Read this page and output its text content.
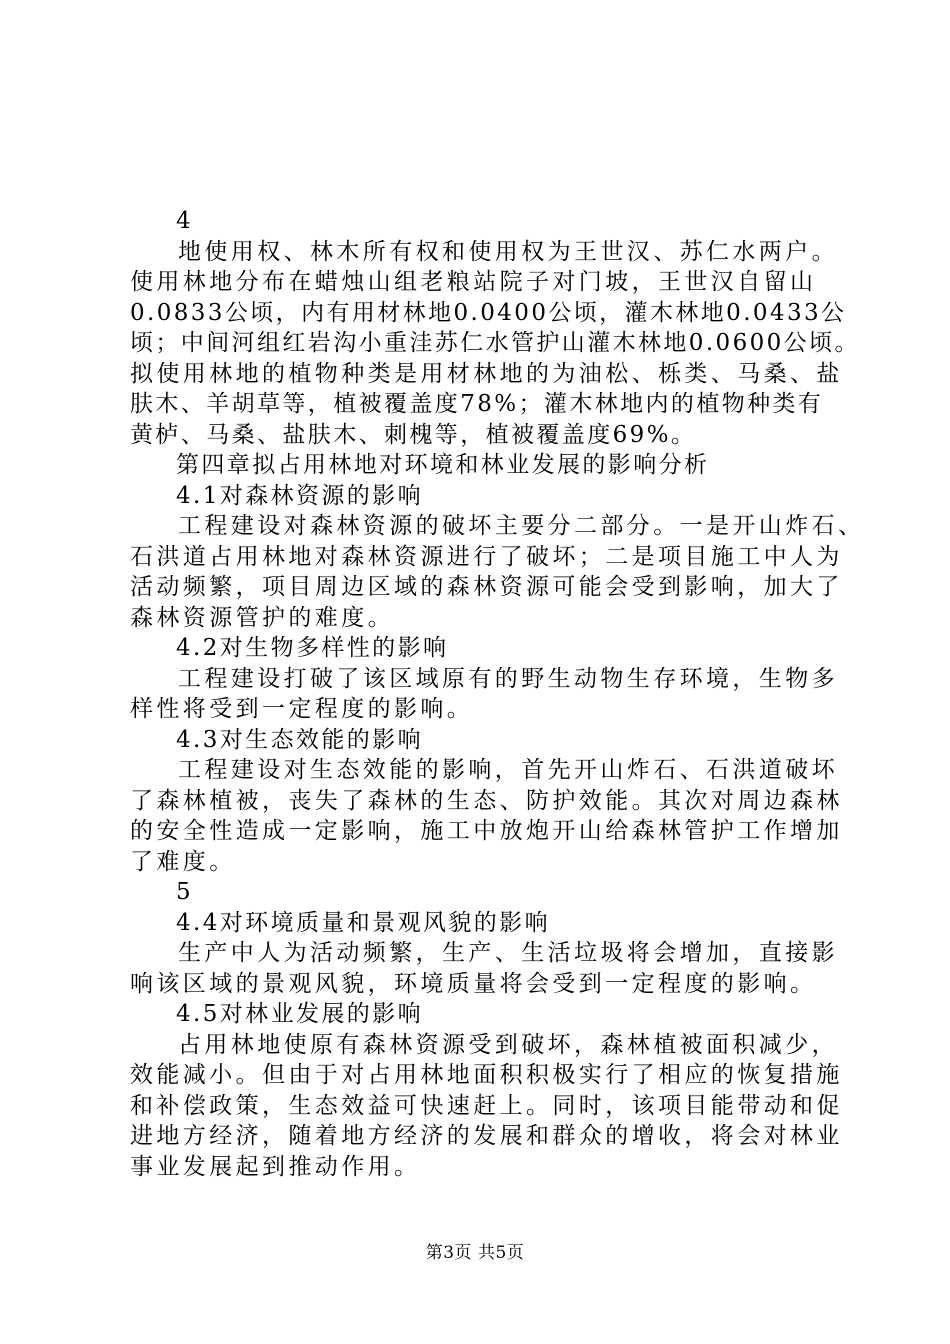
4
地使用权、林木所有权和使用权为王世汉、苏仁水两户。
使用林地分布在蜡烛山组老粮站院子对门坡，王世汉自留山
0.0833公顷，内有用材林地0.0400公顷，灌木林地0.0433公
顷；中间河组红岩沟小重洼苏仁水管护山灌木林地0.0600公顷。
拟使用林地的植物种类是用材林地的为油松、栎类、马桑、盐
肤木、羊胡草等，植被覆盖度78%；灌木林地内的植物种类有
黄栌、马桑、盐肤木、刺槐等，植被覆盖度69%。
第四章拟占用林地对环境和林业发展的影响分析
4.1对森林资源的影响
工程建设对森林资源的破坏主要分二部分。一是开山炸石、
石洪道占用林地对森林资源进行了破坏；二是项目施工中人为
活动频繁，项目周边区域的森林资源可能会受到影响，加大了
森林资源管护的难度。
4.2对生物多样性的影响
工程建设打破了该区域原有的野生动物生存环境，生物多
样性将受到一定程度的影响。
4.3对生态效能的影响
工程建设对生态效能的影响，首先开山炸石、石洪道破坏
了森林植被，丧失了森林的生态、防护效能。其次对周边森林
的安全性造成一定影响，施工中放炮开山给森林管护工作增加
了难度。
5
4.4对环境质量和景观风貌的影响
生产中人为活动频繁，生产、生活垃圾将会增加，直接影
响该区域的景观风貌，环境质量将会受到一定程度的影响。
4.5对林业发展的影响
占用林地使原有森林资源受到破坏，森林植被面积减少，
效能减小。但由于对占用林地面积积极实行了相应的恢复措施
和补偿政策，生态效益可快速赶上。同时，该项目能带动和促
进地方经济，随着地方经济的发展和群众的增收，将会对林业
事业发展起到推动作用。
第3页 共5页
